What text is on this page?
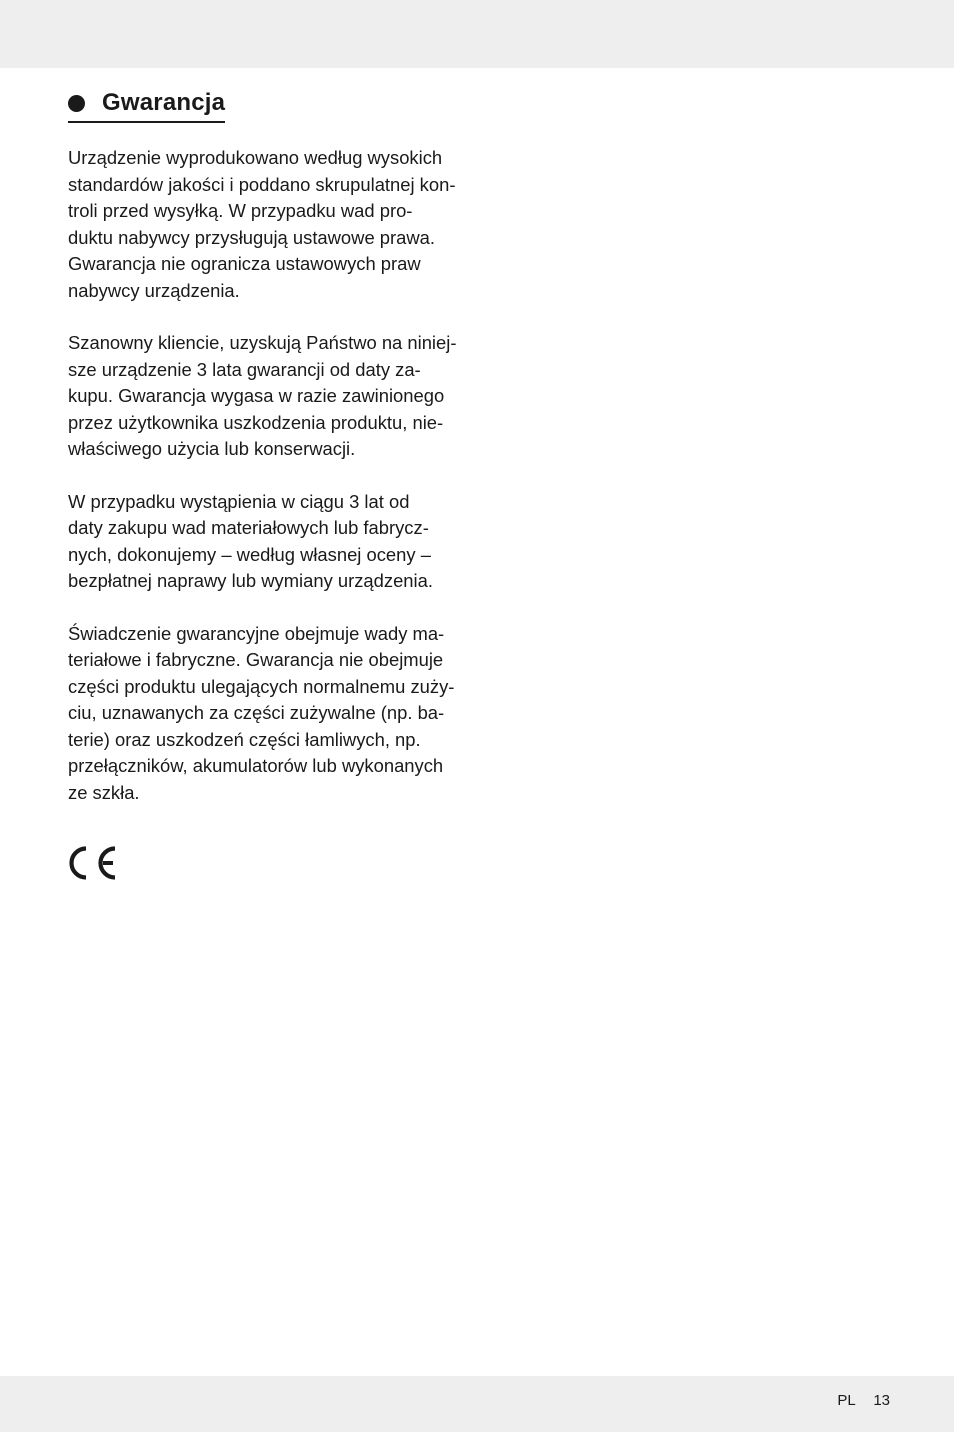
Gwarancja

Urządzenie wyprodukowano według wysokich
standardów jakości i poddano skrupulatnej kon-
troli przed wysyłką. W przypadku wad pro-
duktu nabywcy przysługują ustawowe prawa.
Gwarancja nie ogranicza ustawowych praw
nabywcy urządzenia.

Szanowny kliencie, uzyskują Państwo na niniej-
sze urządzenie 3 lata gwarancji od daty za-
kupu. Gwarancja wygasa w razie zawinionego
przez użytkownika uszkodzenia produktu, nie-
właściwego użycia lub konserwacji.

W przypadku wystąpienia w ciągu 3 lat od
daty zakupu wad materiałowych lub fabrycz-
nych, dokonujemy – według własnej oceny –
bezpłatnej naprawy lub wymiany urządzenia.

Świadczenie gwarancyjne obejmuje wady ma-
teriałowe i fabryczne. Gwarancja nie obejmuje
części produktu ulegających normalnemu zuży-
ciu, uznawanych za części zużywalne (np. ba-
terie) oraz uszkodzeń części łamliwych, np.
przełączników, akumulatorów lub wykonanych
ze szkła.

PL 13
